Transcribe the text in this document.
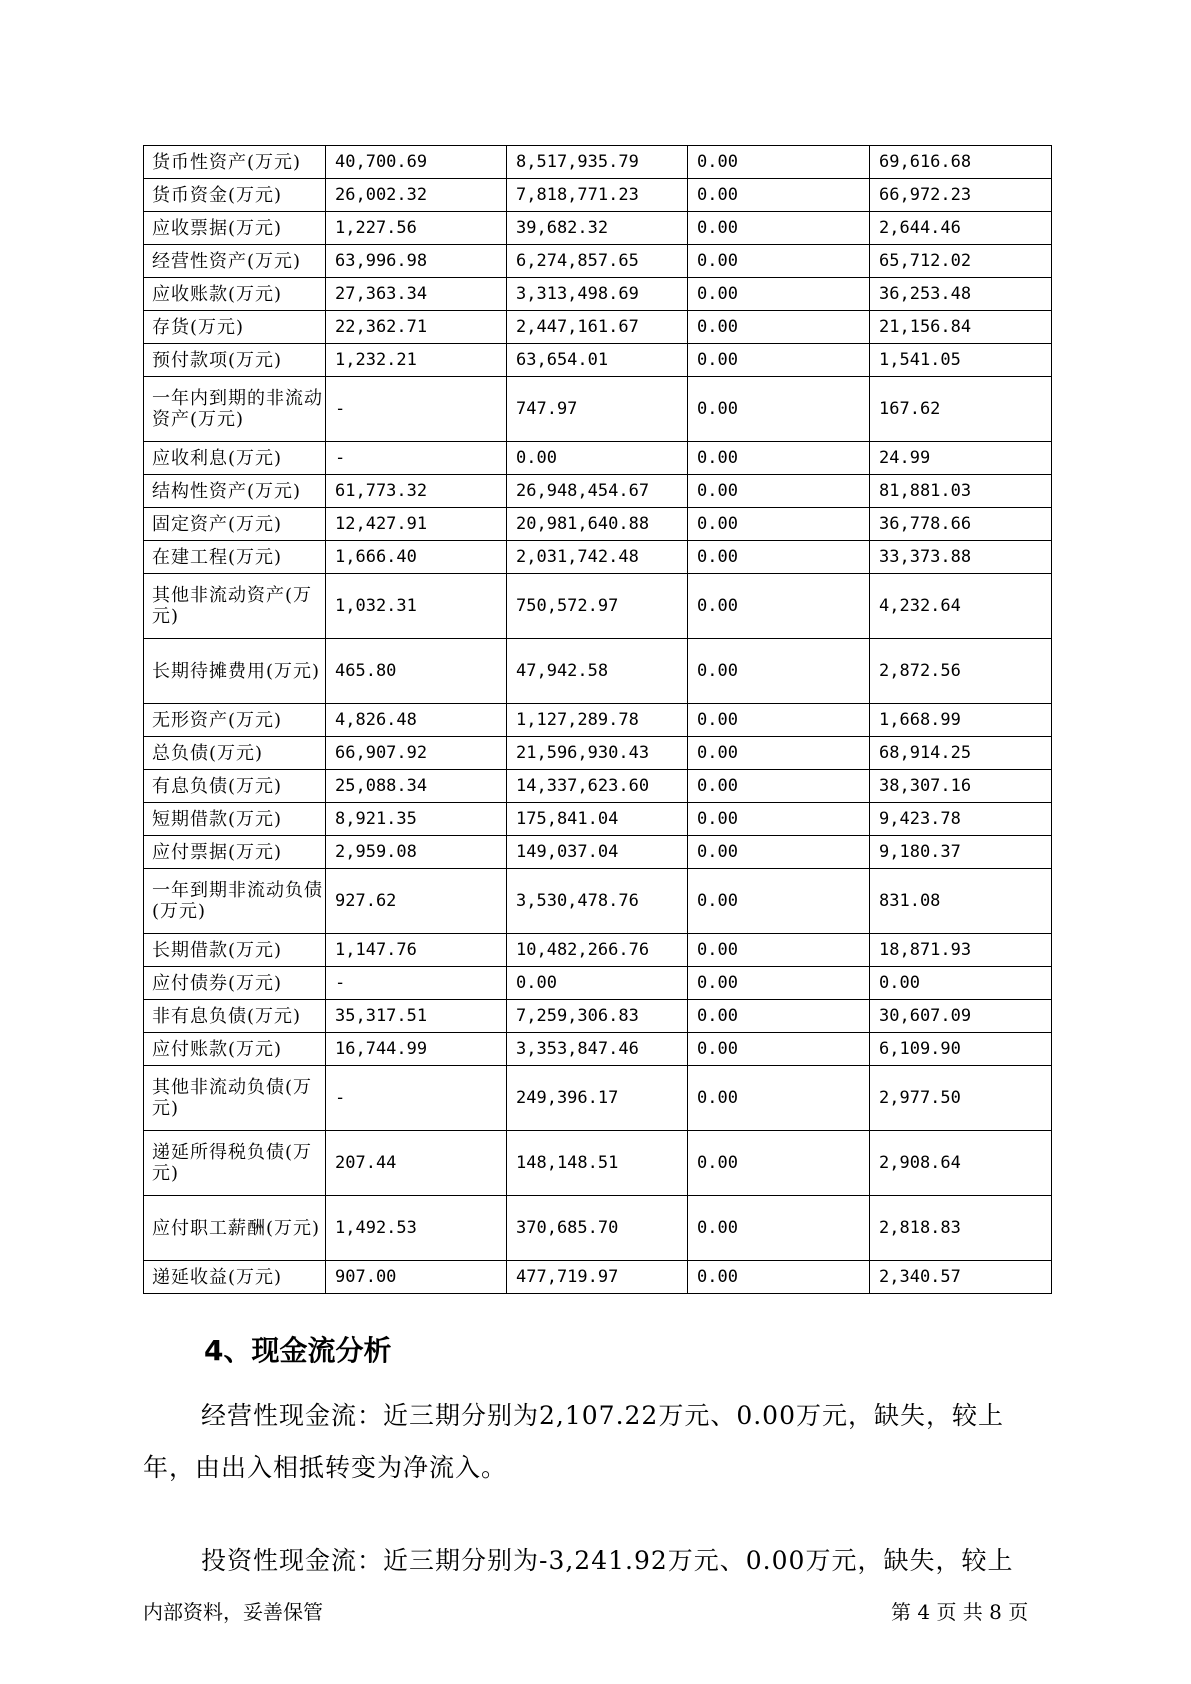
货币性资产(万元)	40,700.69	8,517,935.79	0.00	69,616.68
货币资金(万元)	26,002.32	7,818,771.23	0.00	66,972.23
应收票据(万元)	1,227.56	39,682.32	0.00	2,644.46
经营性资产(万元)	63,996.98	6,274,857.65	0.00	65,712.02
应收账款(万元)	27,363.34	3,313,498.69	0.00	36,253.48
存货(万元)	22,362.71	2,447,161.67	0.00	21,156.84
预付款项(万元)	1,232.21	63,654.01	0.00	1,541.05
一年内到期的非流动资产(万元)	-	747.97	0.00	167.62
应收利息(万元)	-	0.00	0.00	24.99
结构性资产(万元)	61,773.32	26,948,454.67	0.00	81,881.03
固定资产(万元)	12,427.91	20,981,640.88	0.00	36,778.66
在建工程(万元)	1,666.40	2,031,742.48	0.00	33,373.88
其他非流动资产(万元)	1,032.31	750,572.97	0.00	4,232.64
长期待摊费用(万元)	465.80	47,942.58	0.00	2,872.56
无形资产(万元)	4,826.48	1,127,289.78	0.00	1,668.99
总负债(万元)	66,907.92	21,596,930.43	0.00	68,914.25
有息负债(万元)	25,088.34	14,337,623.60	0.00	38,307.16
短期借款(万元)	8,921.35	175,841.04	0.00	9,423.78
应付票据(万元)	2,959.08	149,037.04	0.00	9,180.37
一年到期非流动负债(万元)	927.62	3,530,478.76	0.00	831.08
长期借款(万元)	1,147.76	10,482,266.76	0.00	18,871.93
应付债券(万元)	-	0.00	0.00	0.00
非有息负债(万元)	35,317.51	7,259,306.83	0.00	30,607.09
应付账款(万元)	16,744.99	3,353,847.46	0.00	6,109.90
其他非流动负债(万元)	-	249,396.17	0.00	2,977.50
递延所得税负债(万元)	207.44	148,148.51	0.00	2,908.64
应付职工薪酬(万元)	1,492.53	370,685.70	0.00	2,818.83
递延收益(万元)	907.00	477,719.97	0.00	2,340.57
4、现金流分析
经营性现金流：近三期分别为2,107.22万元、0.00万元，缺失，较上年，由出入相抵转变为净流入。
投资性现金流：近三期分别为-3,241.92万元、0.00万元，缺失，较上
内部资料，妥善保管	第 4 页 共 8 页
